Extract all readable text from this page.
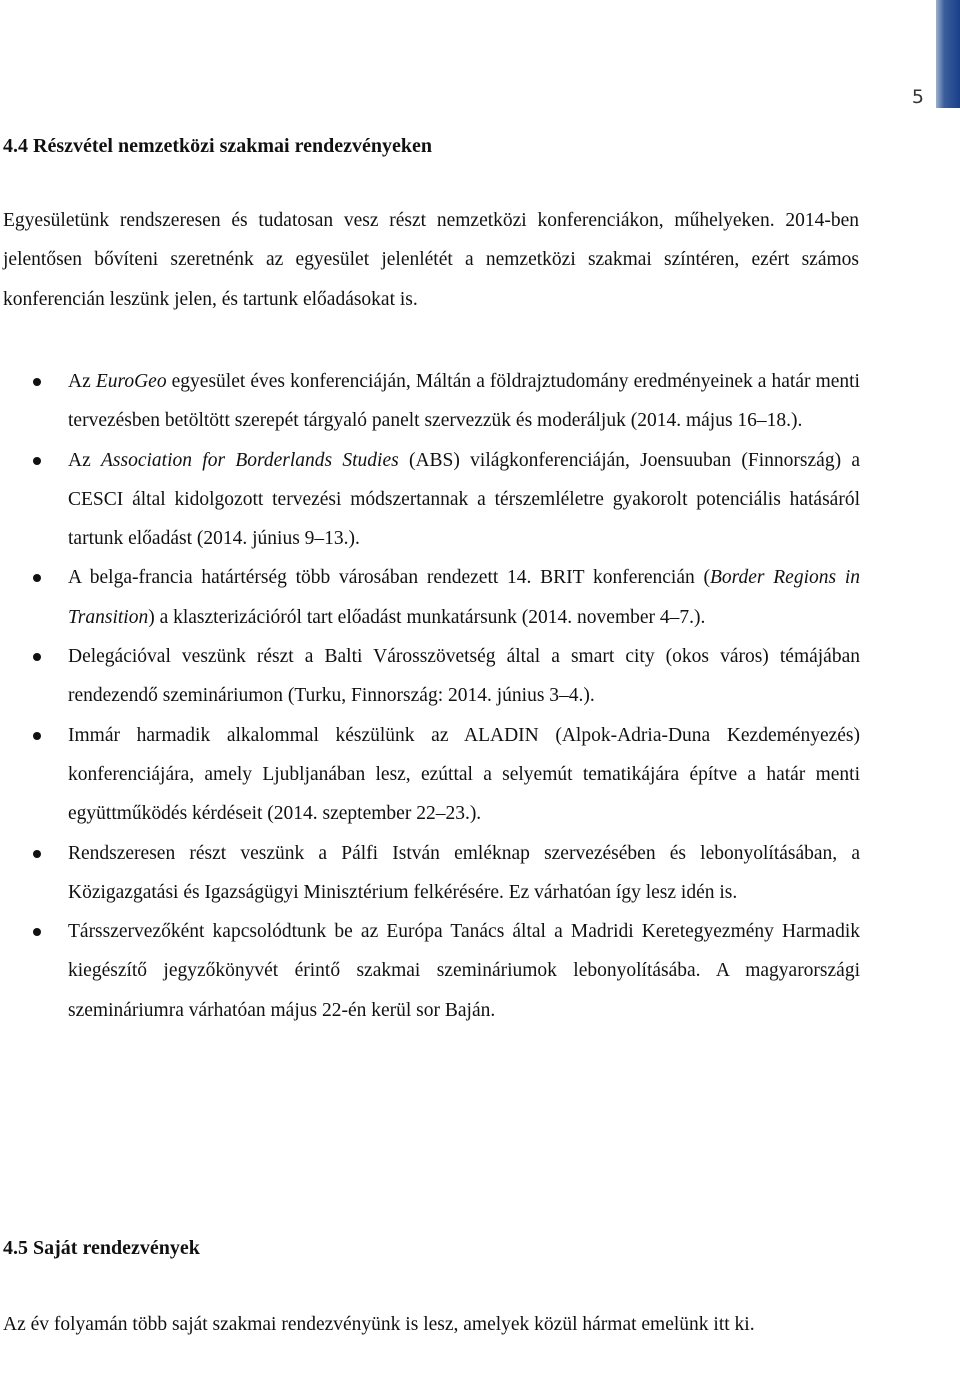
5
4.4 Részvétel nemzetközi szakmai rendezvényeken

Egyesületünk rendszeresen és tudatosan vesz részt nemzetközi konferenciákon, műhelyeken. 2014-ben jelentősen bővíteni szeretnénk az egyesület jelenlétét a nemzetközi szakmai színtéren, ezért számos konferencián leszünk jelen, és tartunk előadásokat is.

Az EuroGeo egyesület éves konferenciáján, Máltán a földrajztudomány eredményeinek a határ menti tervezésben betöltött szerepét tárgyaló panelt szervezzük és moderáljuk (2014. május 16–18.).
Az Association for Borderlands Studies (ABS) világkonferenciáján, Joensuuban (Finnország) a CESCI által kidolgozott tervezési módszertannak a térszemléletre gyakorolt potenciális hatásáról tartunk előadást (2014. június 9–13.).
A belga-francia határtérség több városában rendezett 14. BRIT konferencián (Border Regions in Transition) a klaszterizációról tart előadást munkatársunk (2014. november 4–7.).
Delegációval veszünk részt a Balti Városszövetség által a smart city (okos város) témájában rendezendő szemináriumon (Turku, Finnország: 2014. június 3–4.).
Immár harmadik alkalommal készülünk az ALADIN (Alpok-Adria-Duna Kezdeményezés) konferenciájára, amely Ljubljanában lesz, ezúttal a selyemút tematikájára építve a határ menti együttműködés kérdéseit (2014. szeptember 22–23.).
Rendszeresen részt veszünk a Pálfi István emléknap szervezésében és lebonyolításában, a Közigazgatási és Igazságügyi Minisztérium felkérésére. Ez várhatóan így lesz idén is.
Társszervezőként kapcsolódtunk be az Európa Tanács által a Madridi Keretegyezmény Harmadik kiegészítő jegyzőkönyvét érintő szakmai szemináriumok lebonyolításába. A magyarországi szemináriumra várhatóan május 22-én kerül sor Baján.
4.5 Saját rendezvények

Az év folyamán több saját szakmai rendezvényünk is lesz, amelyek közül hármat emelünk itt ki.
